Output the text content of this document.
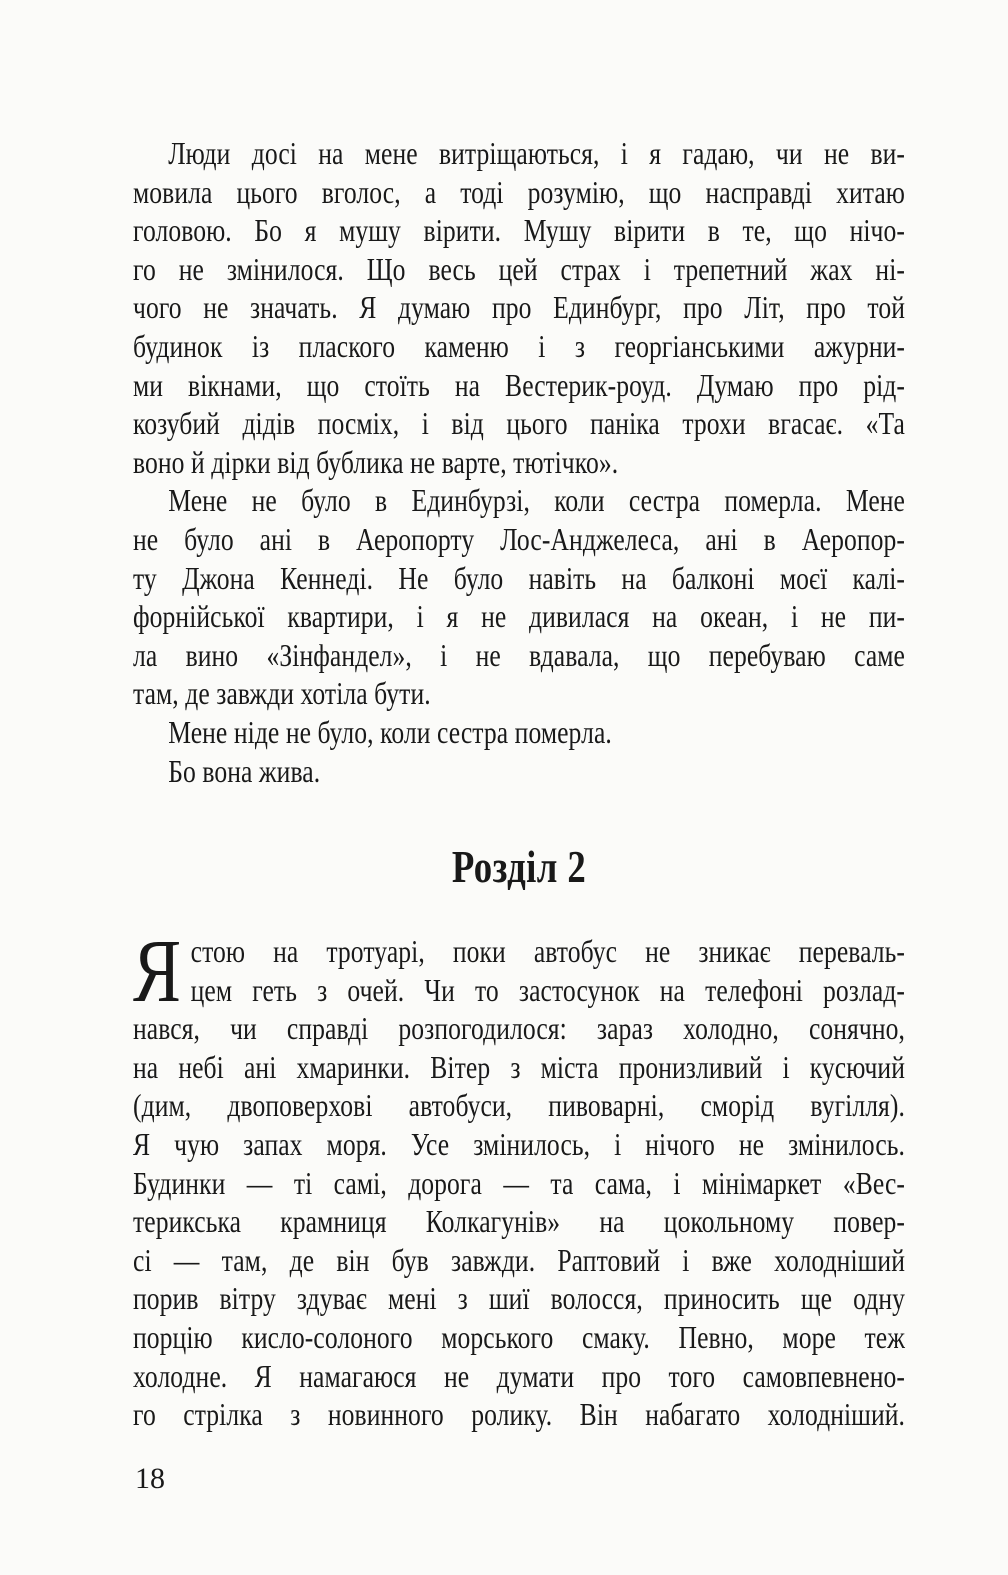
Люди досі на мене витріщаються, і я гадаю, чи не ви-
мовила цього вголос, а тоді розумію, що насправді хитаю
головою. Бо я мушу вірити. Мушу вірити в те, що нічо-
го не змінилося. Що весь цей страх і трепетний жах ні-
чого не значать. Я думаю про Единбург, про Літ, про той
будинок із плаского каменю і з георгіанськими ажурни-
ми вікнами, що стоїть на Вестерик-роуд. Думаю про рід-
козубий дідів посміх, і від цього паніка трохи вгасає. «Та
воно й дірки від бублика не варте, тютічко».
Мене не було в Единбурзі, коли сестра померла. Мене
не було ані в Аеропорту Лос-Анджелеса, ані в Аеропор-
ту Джона Кеннеді. Не було навіть на балконі моєї калі-
форнійської квартири, і я не дивилася на океан, і не пи-
ла вино «Зінфандел», і не вдавала, що перебуваю саме
там, де завжди хотіла бути.
Мене ніде не було, коли сестра померла.
Бо вона жива.
Розділ 2
Я стою на тротуарі, поки автобус не зникає переваль-
цем геть з очей. Чи то застосунок на телефоні розлад-
нався, чи справді розпогодилося: зараз холодно, сонячно,
на небі ані хмаринки. Вітер з міста пронизливий і кусючий
(дим, двоповерхові автобуси, пивоварні, сморід вугілля).
Я чую запах моря. Усе змінилось, і нічого не змінилось.
Будинки — ті самі, дорога — та сама, і мінімаркет «Вес-
терикська крамниця Колкагунів» на цокольному повер-
сі — там, де він був завжди. Раптовий і вже холодніший
порив вітру здуває мені з шиї волосся, приносить ще одну
порцію кисло-солоного морського смаку. Певно, море теж
холодне. Я намагаюся не думати про того самовпевнено-
го стрілка з новинного ролику. Він набагато холодніший.
18
